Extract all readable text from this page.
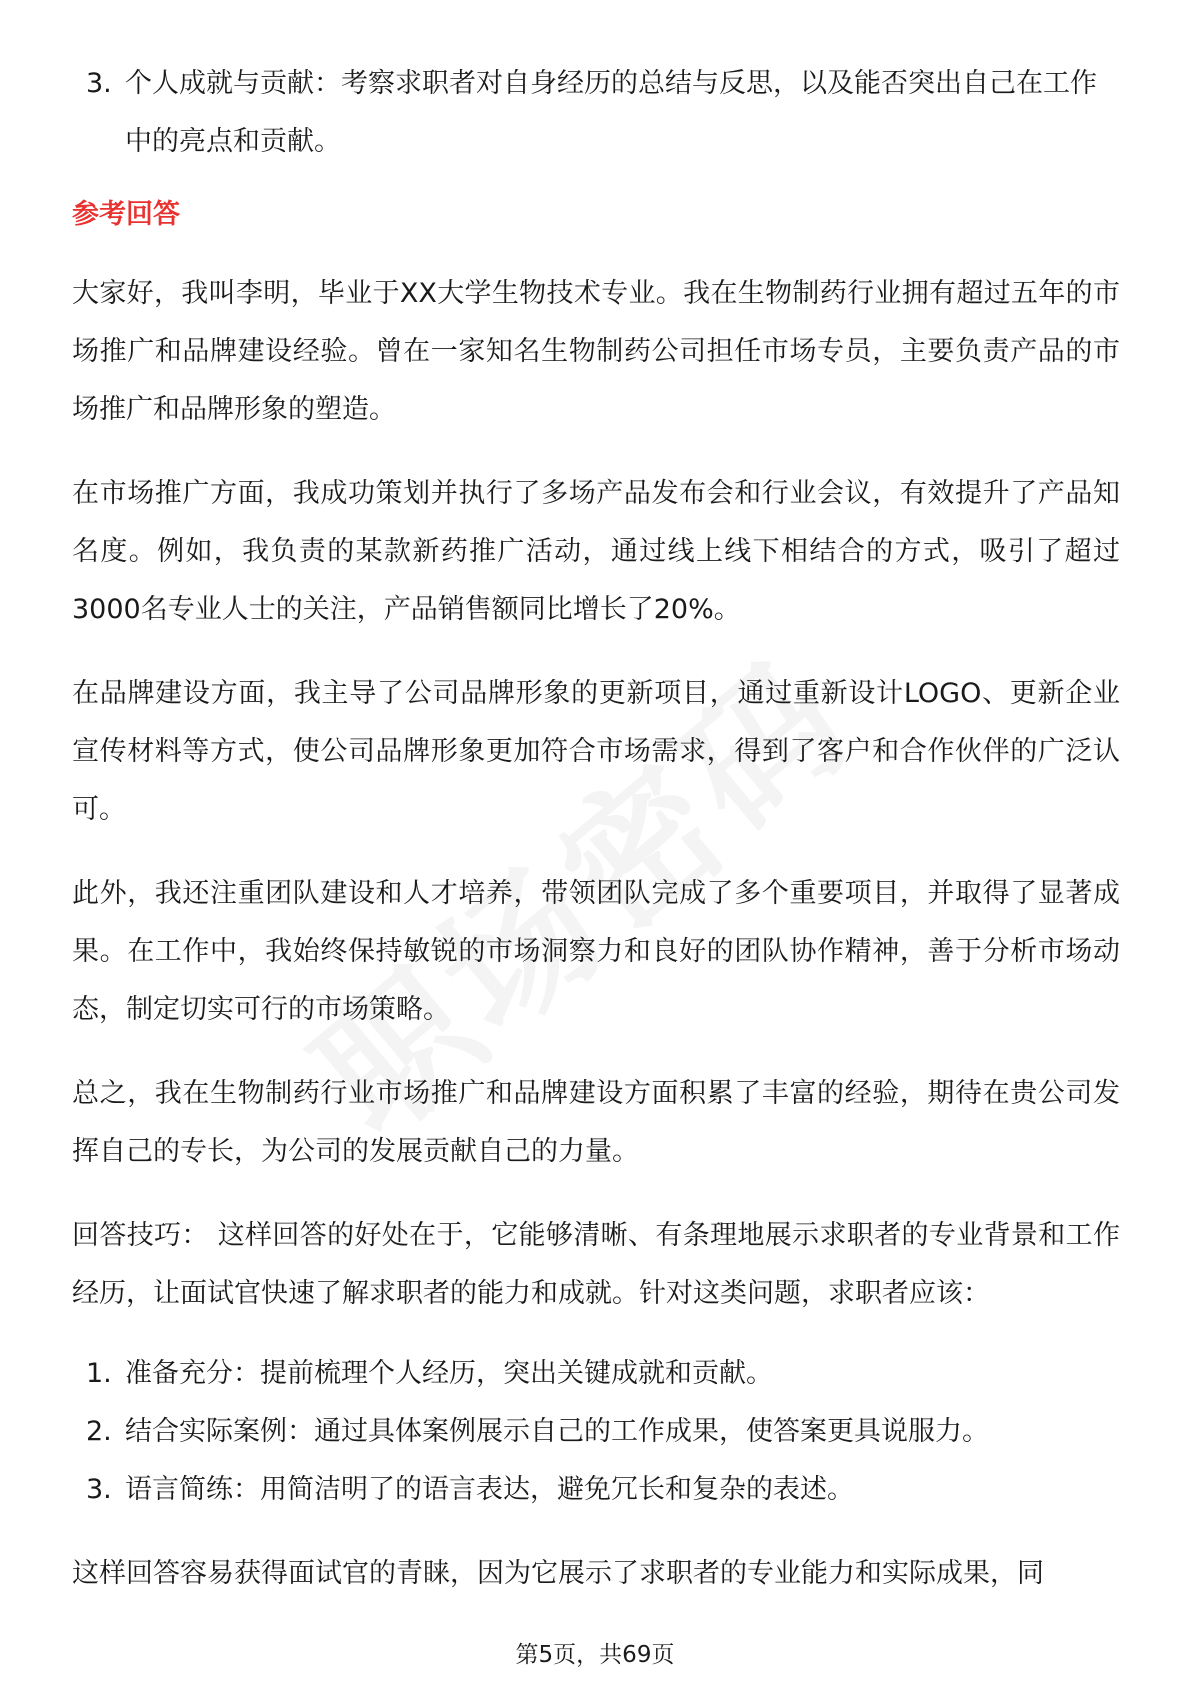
3. 个人成就与贡献：考察求职者对自身经历的总结与反思，以及能否突出自己在工作中的亮点和贡献。
参考回答
大家好，我叫李明，毕业于XX大学生物技术专业。我在生物制药行业拥有超过五年的市场推广和品牌建设经验。曾在一家知名生物制药公司担任市场专员，主要负责产品的市场推广和品牌形象的塑造。
在市场推广方面，我成功策划并执行了多场产品发布会和行业会议，有效提升了产品知名度。例如，我负责的某款新药推广活动，通过线上线下相结合的方式，吸引了超过3000名专业人士的关注，产品销售额同比增长了20%。
在品牌建设方面，我主导了公司品牌形象的更新项目，通过重新设计LOGO、更新企业宣传材料等方式，使公司品牌形象更加符合市场需求，得到了客户和合作伙伴的广泛认可。
此外，我还注重团队建设和人才培养，带领团队完成了多个重要项目，并取得了显著成果。在工作中，我始终保持敏锐的市场洞察力和良好的团队协作精神，善于分析市场动态，制定切实可行的市场策略。
总之，我在生物制药行业市场推广和品牌建设方面积累了丰富的经验，期待在贵公司发挥自己的专长，为公司的发展贡献自己的力量。
回答技巧： 这样回答的好处在于，它能够清晰、有条理地展示求职者的专业背景和工作经历，让面试官快速了解求职者的能力和成就。针对这类问题，求职者应该：
1. 准备充分：提前梳理个人经历，突出关键成就和贡献。
2. 结合实际案例：通过具体案例展示自己的工作成果，使答案更具说服力。
3. 语言简练：用简洁明了的语言表达，避免冗长和复杂的表述。
这样回答容易获得面试官的青睐，因为它展示了求职者的专业能力和实际成果，同
第5页，共69页
